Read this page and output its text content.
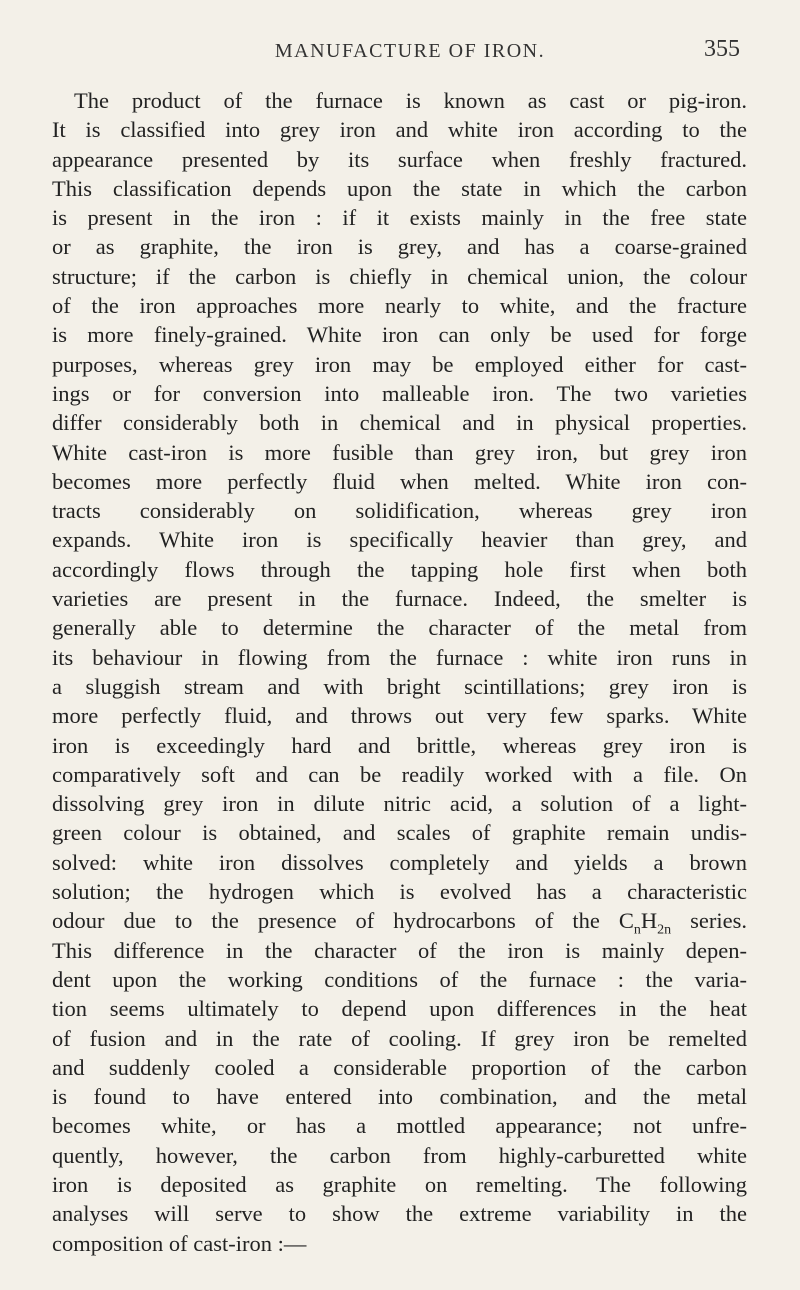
MANUFACTURE OF IRON.	355
The product of the furnace is known as cast or pig-iron.
It is classified into grey iron and white iron according to the
appearance presented by its surface when freshly fractured.
This classification depends upon the state in which the carbon
is present in the iron : if it exists mainly in the free state
or as graphite, the iron is grey, and has a coarse-grained
structure; if the carbon is chiefly in chemical union, the colour
of the iron approaches more nearly to white, and the fracture
is more finely-grained. White iron can only be used for forge
purposes, whereas grey iron may be employed either for cast-
ings or for conversion into malleable iron. The two varieties
differ considerably both in chemical and in physical properties.
White cast-iron is more fusible than grey iron, but grey iron
becomes more perfectly fluid when melted. White iron con-
tracts considerably on solidification, whereas grey iron
expands. White iron is specifically heavier than grey, and
accordingly flows through the tapping hole first when both
varieties are present in the furnace. Indeed, the smelter is
generally able to determine the character of the metal from
its behaviour in flowing from the furnace : white iron runs in
a sluggish stream and with bright scintillations; grey iron is
more perfectly fluid, and throws out very few sparks. White
iron is exceedingly hard and brittle, whereas grey iron is
comparatively soft and can be readily worked with a file. On
dissolving grey iron in dilute nitric acid, a solution of a light-
green colour is obtained, and scales of graphite remain undis-
solved: white iron dissolves completely and yields a brown
solution; the hydrogen which is evolved has a characteristic
odour due to the presence of hydrocarbons of the $C_nH_{2n}$ series.
This difference in the character of the iron is mainly depen-
dent upon the working conditions of the furnace : the varia-
tion seems ultimately to depend upon differences in the heat
of fusion and in the rate of cooling. If grey iron be remelted
and suddenly cooled a considerable proportion of the carbon
is found to have entered into combination, and the metal
becomes white, or has a mottled appearance; not unfre-
quently, however, the carbon from highly-carburetted white
iron is deposited as graphite on remelting. The following
analyses will serve to show the extreme variability in the
composition of cast-iron :—
